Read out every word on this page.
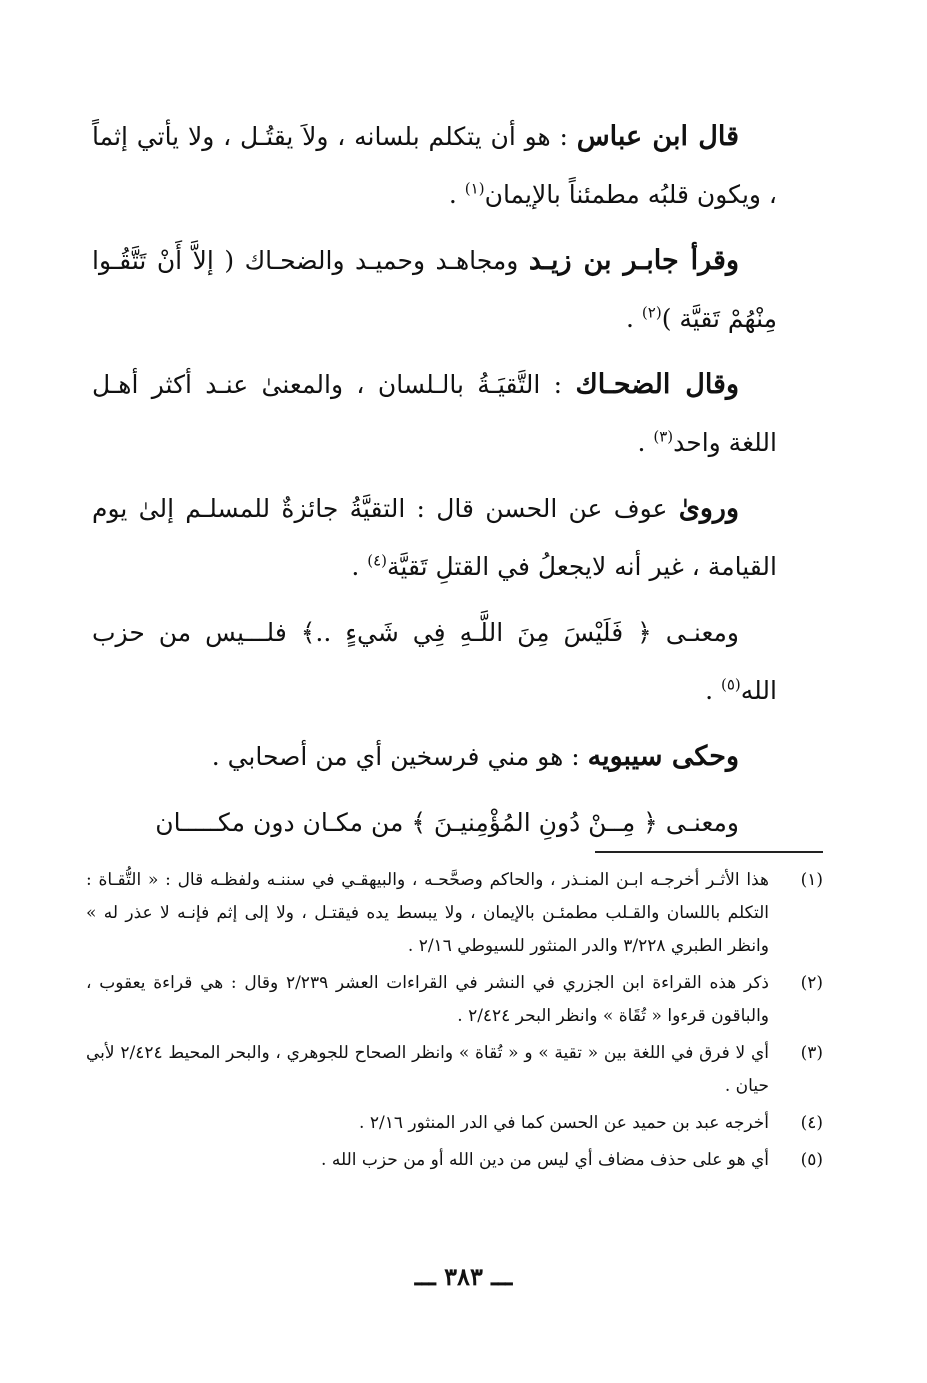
قال ابن عباس : هو أن يتكلم بلسانه ، ولاَ يقتُـل ، ولا يأتي إثماً ، ويكون قلبُه مطمئناً بالإيمان$^{(١)}$ .

وقرأ جابـر بن زيـد ومجاهـد وحميـد والضحـاك ( إلاَّ أَنْ تَتَّقُـوا مِنْهُمْ تَقيَّة )$^{(٢)}$ .

وقال الضحـاك : التَّقيَـةُ بالـلسان ، والمعنىٰ عنـد أكثر أهـل اللغة واحد$^{(٣)}$ .

وروىٰ عوف عن الحسن قال : التقيَّةُ جائزةٌ للمسلـم إلىٰ يوم القيامة ، غير أنه لايجعلُ في القتلِ تَقيَّة$^{(٤)}$ .

ومعنـى ﴿ فَلَيْسَ مِنَ اللَّـهِ فِي شَيءٍ ..﴾ فلـــيس من حزب الله$^{(٥)}$ .

وحكى سيبويه : هو مني فرسخين أي من أصحابي .

ومعنـى ﴿ مِــنْ دُونِ المُؤْمِنيـنَ ﴾ من مكـان دون مكـــــان

(١)
هذا الأثـر أخرجـه ابـن المنـذر ، والحاكم وصحَّحـه ، والبيهقـي في سننـه ولفظـه قال : « التُّقـاة : التكلم باللسان والقـلب مطمئـن بالإيمان ، ولا يبسط يده فيقتـل ، ولا إلى إثم فإنـه لا عذر له » وانظر الطبري ٣/٢٢٨ والدر المنثور للسيوطي ٢/١٦ .
(٢)
ذكر هذه القراءة ابن الجزري في النشر في القراءات العشر ٢/٢٣٩ وقال : هي قراءة يعقوب ، والباقون قرءوا « تُقَاة » وانظر البحر ٢/٤٢٤ .
(٣)
أي لا فرق في اللغة بين « تقية » و « تُقاة » وانظر الصحاح للجوهري ، والبحر المحيط ٢/٤٢٤ لأبي حيان .
(٤)
أخرجه عبد بن حميد عن الحسن كما في الدر المنثور ٢/١٦ .
(٥)
أي هو على حذف مضاف أي ليس من دين الله أو من حزب الله .
ـــ ٣٨٣ ـــ
